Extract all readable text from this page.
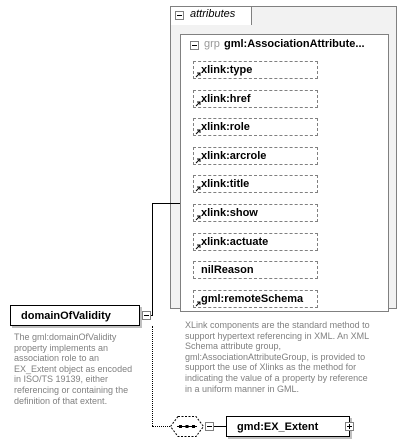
attributes
grp gml:AssociationAttribute...
xlink:type
xlink:href
xlink:role
xlink:arcrole
xlink:title
xlink:show
xlink:actuate
nilReason
gml:remoteSchema
XLink components are the standard method to
support hypertext referencing in XML. An XML
Schema attribute group,
gml:AssociationAttributeGroup, is provided to
support the use of Xlinks as the method for
indicating the value of a property by reference
in a uniform manner in GML.
domainOfValidity
The gml:domainOfValidity
property implements an
association role to an
EX_Extent object as encoded
in ISO/TS 19139, either
referencing or containing the
definition of that extent.
gmd:EX_Extent
